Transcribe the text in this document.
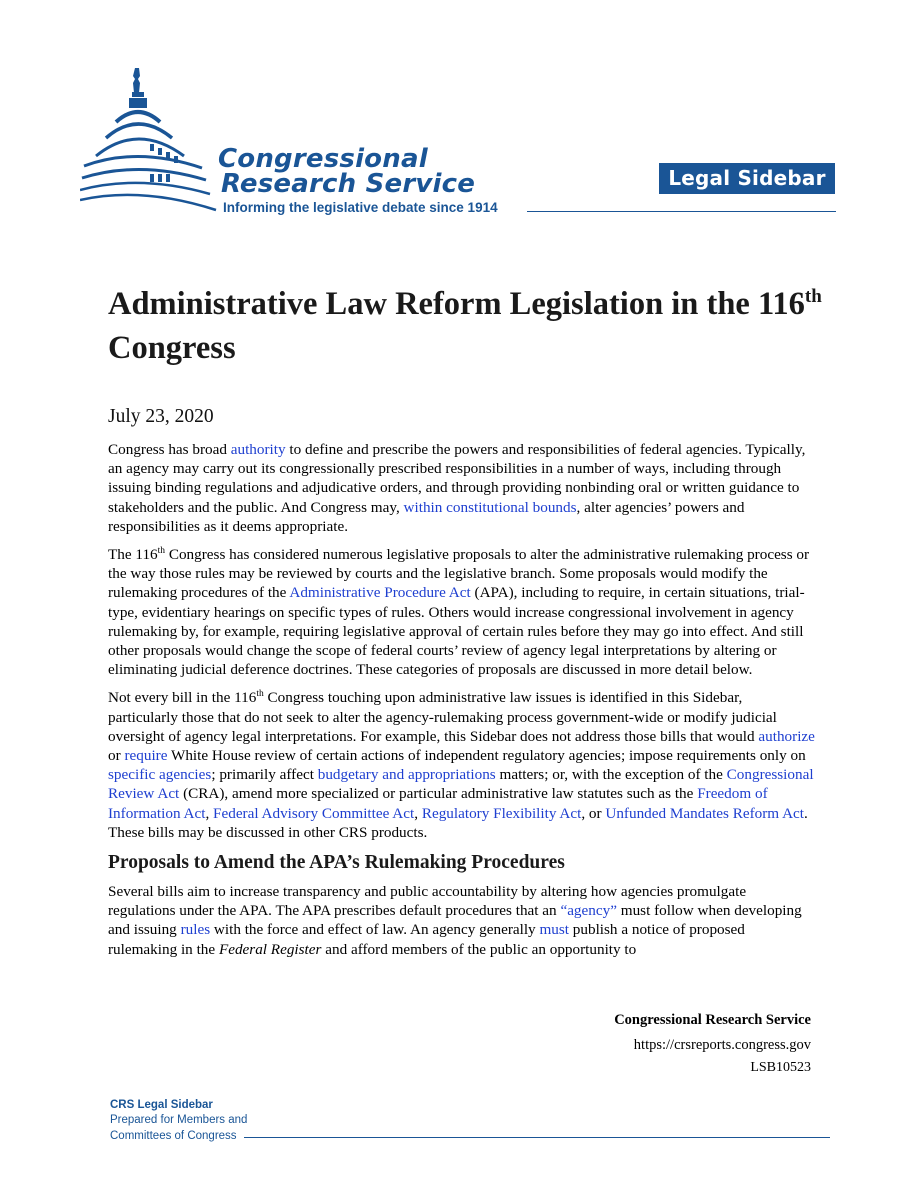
Congressional
Research Service
Informing the legislative debate since 1914
Legal Sidebar
Administrative Law Reform Legislation in the 116th Congress
July 23, 2020

Congress has broad authority to define and prescribe the powers and responsibilities of federal agencies. Typically, an agency may carry out its congressionally prescribed responsibilities in a number of ways, including through issuing binding regulations and adjudicative orders, and through providing nonbinding oral or written guidance to stakeholders and the public. And Congress may, within constitutional bounds, alter agencies’ powers and responsibilities as it deems appropriate.

The 116th Congress has considered numerous legislative proposals to alter the administrative rulemaking process or the way those rules may be reviewed by courts and the legislative branch. Some proposals would modify the rulemaking procedures of the Administrative Procedure Act (APA), including to require, in certain situations, trial-type, evidentiary hearings on specific types of rules. Others would increase congressional involvement in agency rulemaking by, for example, requiring legislative approval of certain rules before they may go into effect. And still other proposals would change the scope of federal courts’ review of agency legal interpretations by altering or eliminating judicial deference doctrines. These categories of proposals are discussed in more detail below.

Not every bill in the 116th Congress touching upon administrative law issues is identified in this Sidebar, particularly those that do not seek to alter the agency-rulemaking process government-wide or modify judicial oversight of agency legal interpretations. For example, this Sidebar does not address those bills that would authorize or require White House review of certain actions of independent regulatory agencies; impose requirements only on specific agencies; primarily affect budgetary and appropriations matters; or, with the exception of the Congressional Review Act (CRA), amend more specialized or particular administrative law statutes such as the Freedom of Information Act, Federal Advisory Committee Act, Regulatory Flexibility Act, or Unfunded Mandates Reform Act. These bills may be discussed in other CRS products.

Proposals to Amend the APA’s Rulemaking Procedures

Several bills aim to increase transparency and public accountability by altering how agencies promulgate regulations under the APA. The APA prescribes default procedures that an “agency” must follow when developing and issuing rules with the force and effect of law. An agency generally must publish a notice of proposed rulemaking in the Federal Register and afford members of the public an opportunity to

Congressional Research Service
https://crsreports.congress.gov
LSB10523
CRS Legal Sidebar
Prepared for Members and
Committees of Congress
